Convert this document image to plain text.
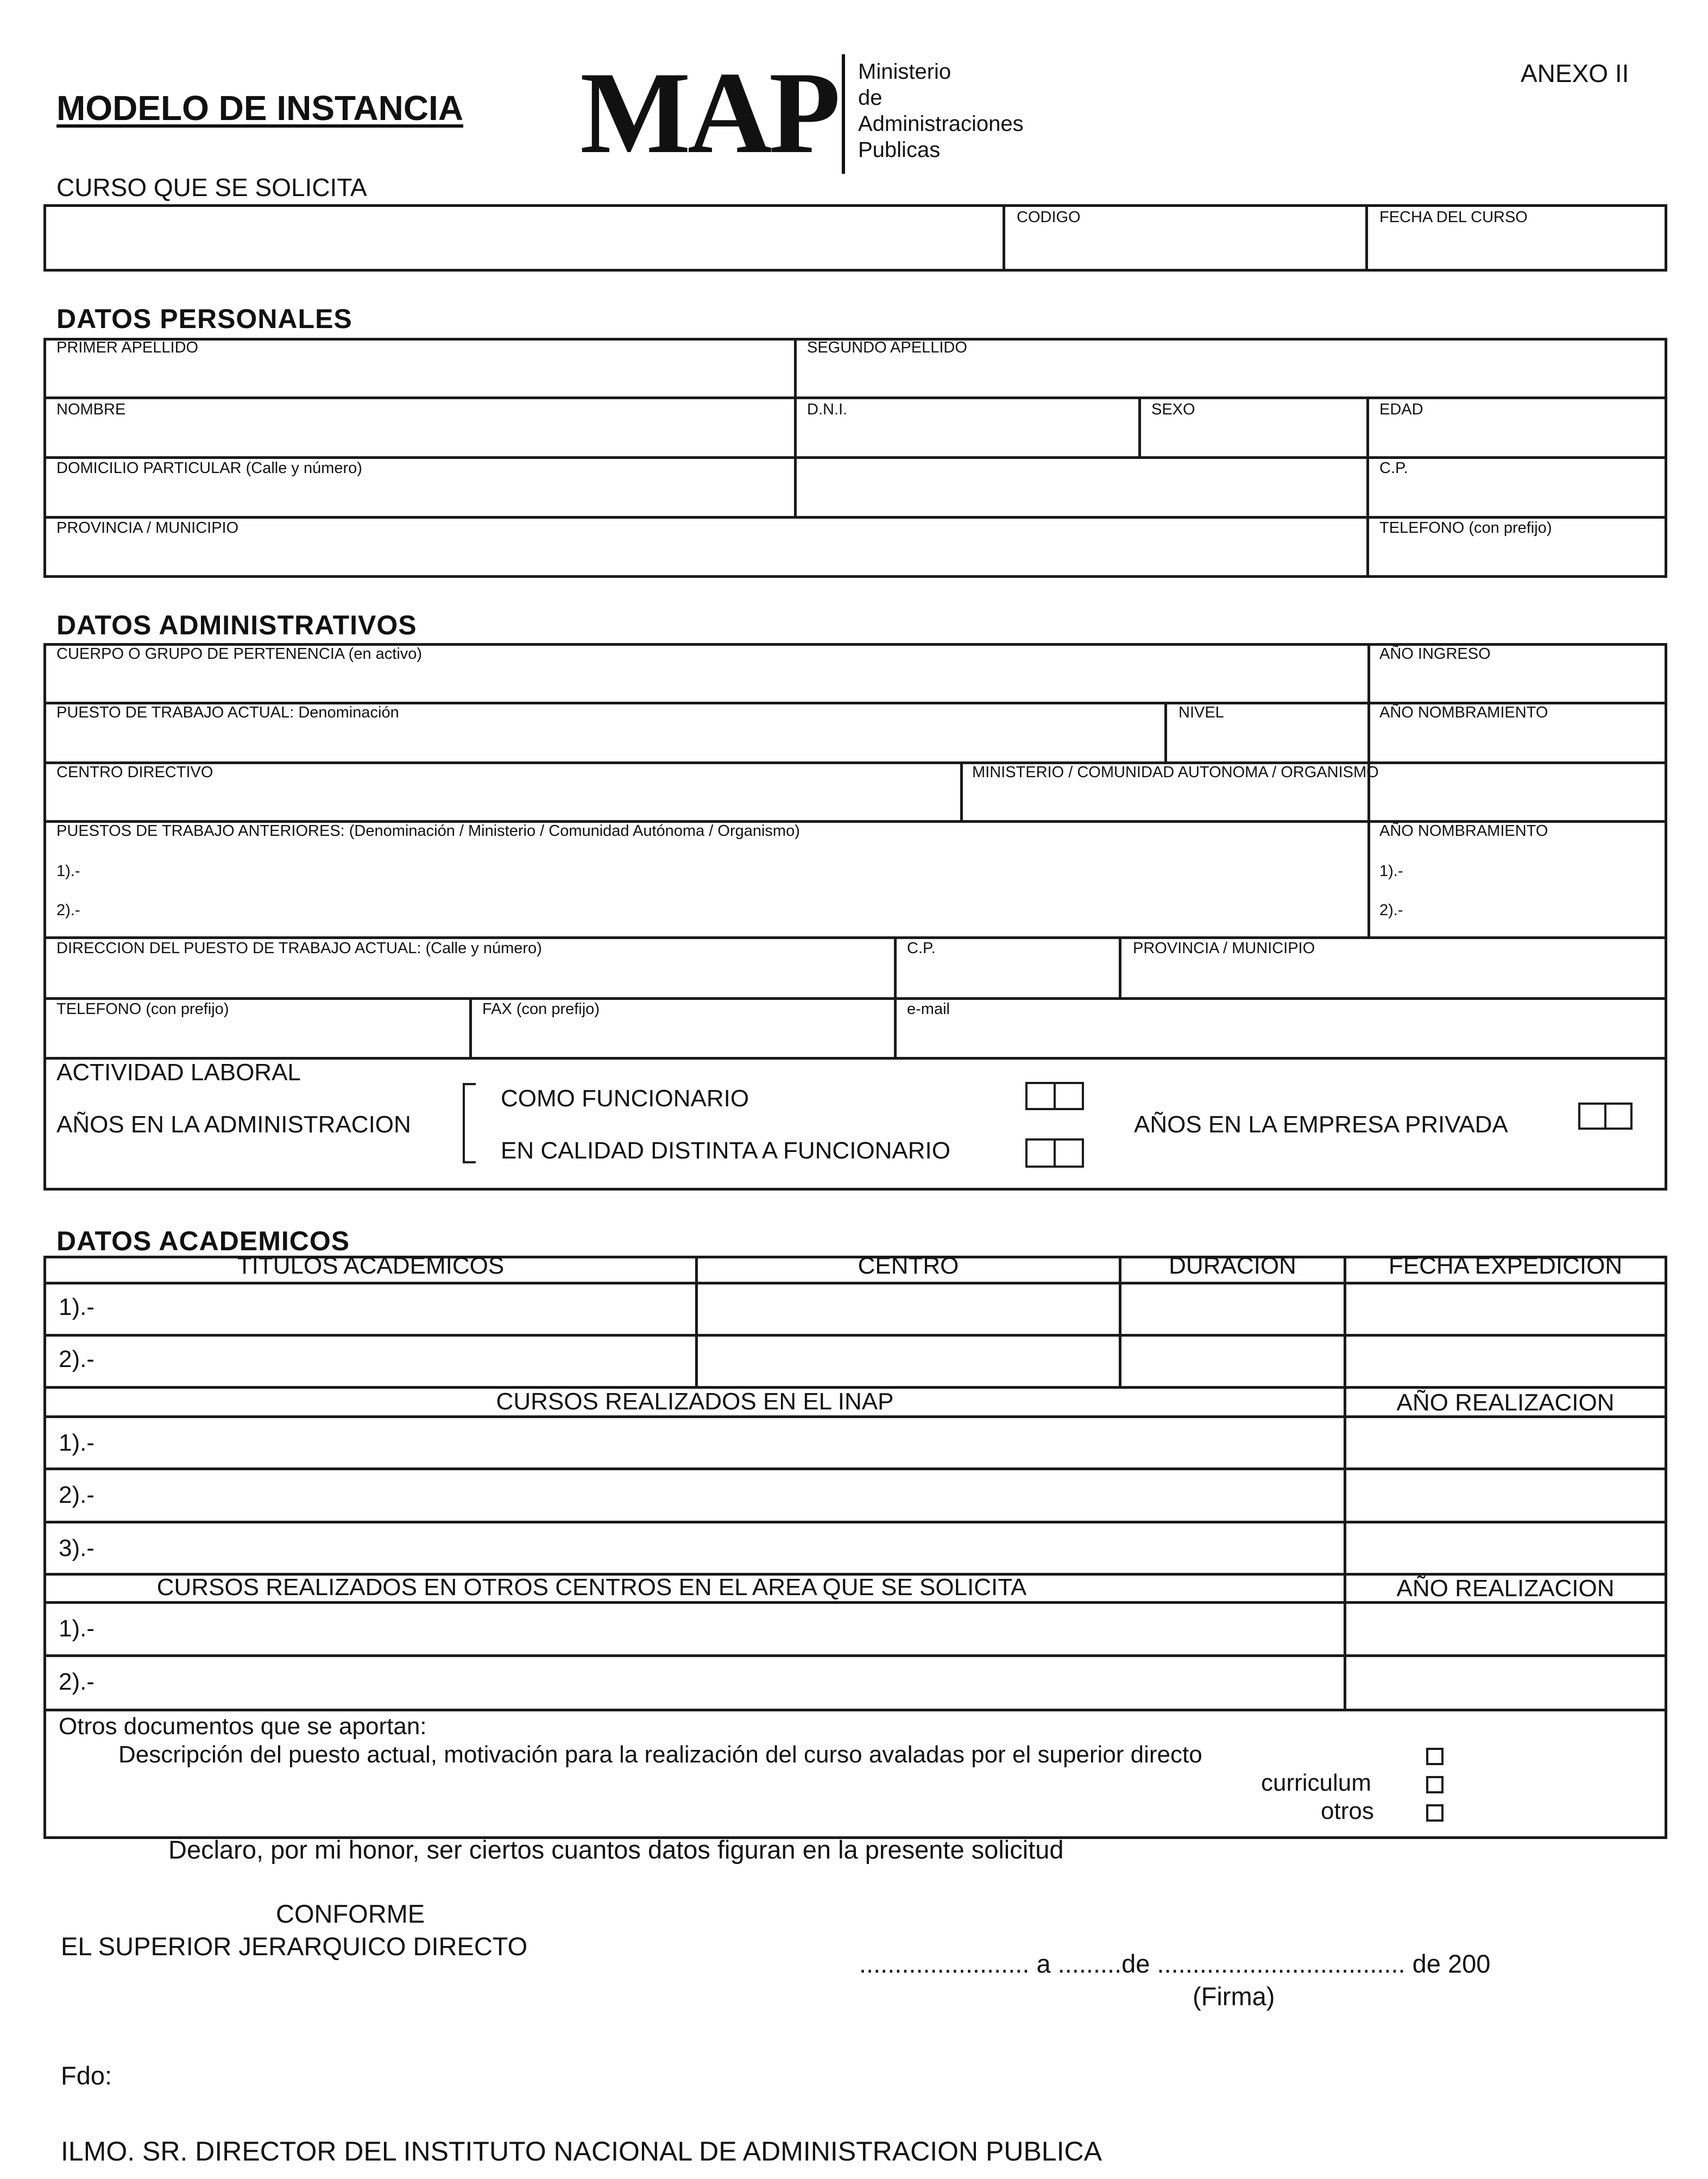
MODELO DE INSTANCIA MAP Ministerio
de
Administraciones
Publicas
ANEXO II
CURSO QUE SE SOLICITA
CODIGO	FECHA DEL CURSO
DATOS PERSONALES
PRIMER APELLIDO	SEGUNDO APELLIDO
NOMBRE	D.N.I.	SEXO	EDAD
DOMICILIO PARTICULAR (Calle y número)	C.P.
PROVINCIA / MUNICIPIO	TELEFONO (con prefijo)
DATOS ADMINISTRATIVOS
CUERPO O GRUPO DE PERTENENCIA (en activo)	AÑO INGRESO
PUESTO DE TRABAJO ACTUAL: Denominación	NIVEL	AÑO NOMBRAMIENTO
CENTRO DIRECTIVO	MINISTERIO / COMUNIDAD AUTONOMA / ORGANISMO
PUESTOS DE TRABAJO ANTERIORES: (Denominación / Ministerio / Comunidad Autónoma / Organismo)
1).-
2).-
AÑO NOMBRAMIENTO
1).-
2).-
DIRECCION DEL PUESTO DE TRABAJO ACTUAL: (Calle y número)	C.P.	PROVINCIA / MUNICIPIO
TELEFONO (con prefijo)	FAX (con prefijo)	e-mail
ACTIVIDAD LABORAL
AÑOS EN LA ADMINISTRACION
COMO FUNCIONARIO
EN CALIDAD DISTINTA A FUNCIONARIO
AÑOS EN LA EMPRESA PRIVADA
DATOS ACADEMICOS
TITULOS ACADEMICOS	CENTRO	DURACION	FECHA EXPEDICION
1).-
2).-
CURSOS REALIZADOS EN EL INAP	AÑO REALIZACION
1).-
2).-
3).-
CURSOS REALIZADOS EN OTROS CENTROS EN EL AREA QUE SE SOLICITA	AÑO REALIZACION
1).-
2).-
Otros documentos que se aportan:
Descripción del puesto actual, motivación para la realización del curso avaladas por el superior directo
curriculum
otros
Declaro, por mi honor, ser ciertos cuantos datos figuran en la presente solicitud
CONFORME
EL SUPERIOR JERARQUICO DIRECTO
........................ a .........de ................................... de 200
(Firma)
Fdo:
ILMO. SR. DIRECTOR DEL INSTITUTO NACIONAL DE ADMINISTRACION PUBLICA
